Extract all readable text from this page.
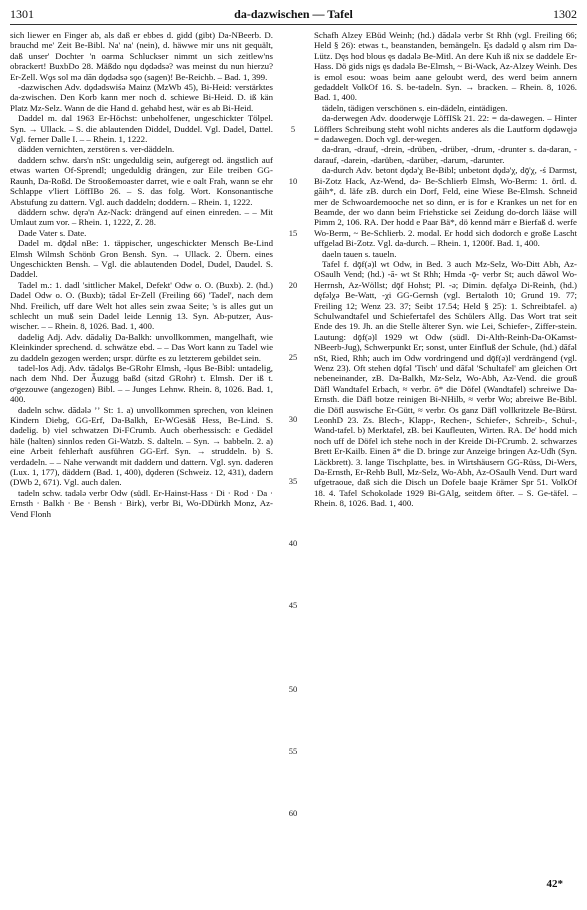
1301	da-dazwischen — Tafel	1302

sich liewer en Finger ab, als daß er ebbes d. gidd (gibt) Da-NBeerb. D. brauchd me' Zeit Be-Bibl. Na' na' (nein), d. häwwe mir uns nit gequält, daß unser' Dochter 'n oarma Schluckser nimmt un sich zeitlew'ns obrackert! BuxbDo 28. Mäßdo nǫu dǫdǝdsǝ? was meinst du nun hierzu? Er-Zell. Wǫs sol mǝ dān dǫdǝdsǝ sǫo (sagen)! Be-Reichb. – Bad. 1, 399.

-dazwischen Adv. dǫdǝdswiśǝ Mainz (MzWb 45), Bi-Heid: verstärktes da-zwischen. Den Korb kann mer noch d. schiewe Bi-Heid. D. iß kän Platz Mz-Selz. Wann de die Hand d. gehabd hest, wär es ab Bi-Heid.

Daddel m. dal 1963 Er-Höchst: unbeholfener, ungeschickter Tölpel. Syn. → Ullack. – S. die ablautenden Diddel, Duddel. Vgl. Dadel, Dattel. Vgl. ferner Dalle I. – – Rhein. 1, 1222.

dädden vernichten, zerstören s. ver-däddeln.

daddern schw. dars'n nSt: ungeduldig sein, aufgeregt od. ängstlich auf etwas warten Of-Sprendl; ungeduldig drängen, zur Eile treiben GG-Raunh, Da-Roßd. De Strooßemoaster darret, wie e oalt Frah, wann se ehr Schlappe v'liert LöffIBo 26. – S. das folg. Wort. Konsonantische Abstufung zu dattern. Vgl. auch daddeln; doddern. – Rhein. 1, 1222.

däddern schw. dęrǝ'n Az-Nack: drängend auf einen einreden. – – Mit Umlaut zum vor. – Rhein. 1, 1222, Z. 28.

Dade Vater s. Date.

Dadel m. dǭdǝl nBe: 1. täppischer, ungeschickter Mensch Be-Lind Elmsh Wilmsh Schönb Gron Bensh. Syn. → Ullack. 2. Übern. eines Ungeschickten Bensh. – Vgl. die ablautenden Dodel, Dudel, Daudel. S. Daddel.

Tadel m.: 1. dadl 'sittlicher Makel, Defekt' Odw o. O. (Buxb). 2. (hd.) Dadel Odw o. O. (Buxb); tādǝl Er-Zell (Freiling 66) 'Tadel', nach dem Nhd. Freilich, uff dare Welt hot alles sein zwaa Seite; 's is alles gut un schlecht un muß sein Dadel leide Lennig 13. Syn. Ab-putzer, Aus-wischer. – – Rhein. 8, 1026. Bad. 1, 400.

dadelig Adj. Adv. dādǝliχ Da-Balkh: unvollkommen, mangelhaft, wie Kleinkinder sprechend. d. schwätze ebd. – – Das Wort kann zu Tadel wie zu daddeln gezogen werden; urspr. dürfte es zu letzterem gebildet sein.

tadel-los Adj. Adv. tādǝlǫs Be-GRohr Elmsh, -lǫus Be-Bibl: untadelig, nach dem Nhd. Der Ǟuzugg baßd (sitzd GRohr) t. Elmsh. Der iß t. oᵉgezouwe (angezogen) Bibl. – – Junges Lehnw. Rhein. 8, 1026. Bad. 1, 400.

dadeln schw. dādǝlǝ ʼʼ St: 1. a) unvollkommen sprechen, von kleinen Kindern Diebg, GG-Erf, Da-Balkh, Er-WGesäß Hess, Be-Lind. S. dadelig. b) viel schwatzen Di-FCrumb. Auch oberhessisch: e Gedädel häle (halten) sinnlos reden Gi-Watzb. S. dalteln. – Syn. → babbeln. 2. a) eine Arbeit fehlerhaft ausführen GG-Erf. Syn. → struddeln. b) S. verdadeln. – – Nahe verwandt mit daddern und dattern. Vgl. syn. daderen (Lux. 1, 177), däddern (Bad. 1, 400), dǫderen (Schweiz. 12, 431), dadern (DWb 2, 671). Vgl. auch dalen.

tadeln schw. tadǝlǝ verbr Odw (südl. Er-Hainst-Hass · Di · Rod · Da · Ernsth · Balkh · Be · Bensh · Birk), verbr Bi, Wo-DDürkh Monz, Az-Vend Flonh

5
10
15
20
25
30
35
40
45
50
55
60

Schafh Alzey EBüd Weinh; (hd.) dādǝlǝ verbr St Rhh (vgl. Freiling 66; Held § 26): etwas t., beanstanden, bemängeln. Ęs dadǝld ǫ alsm rim Da-Lütz. Dęs hod blous ęs dadǝlǝ Be-Mitl. An dere Kuh iß nix se daddele Er-Hass. Dö gids nigs ęs dadǝlǝ Be-Elmsh, ~ Bi-Wack, Az-Alzey Weinh. Des is emol esou: woas beim aane geloubt werd, des werd beim annern gedaddelt VolkOf 16. S. be-tadeln. Syn. → bracken. – Rhein. 8, 1026. Bad. 1, 400.

tädeln, tädigen verschönen s. ein-dädeln, eintädigen.

da-derwegen Adv. dooderwęje LöffISk 21. 22: = da-dawegen. – Hinter Löfflers Schreibung steht wohl nichts anderes als die Lautform dǫdǝwęjǝ = dadawegen. Doch vgl. der-wegen.

da-dran, -drauf, -drein, -drüben, -drüber, -drum, -drunter s. da-daran, -darauf, -darein, -darüben, -darüber, -darum, -darunter.

da-durch Adv. betont dǫdǝ'χ Be-Bibl; unbetont dǫdǝ'χ, dǭ'χ, -ś Darmst, Bi-Zotz Hack, Az-Wend, dǝ- Be-Schlierb Elmsh, Wo-Berm: 1. örtl. d. gāih*, d. läfe zB. durch ein Dorf, Feld, eine Wiese Be-Elmsh. Schneid mer de Schwoardemooche net so dinn, er is for e Krankes un net for en Beamde, der wo dann beim Friehsticke sei Zeidung do-dorch lääse will Pimm 2, 106. RA. Der hodd e Paar Bä*, dö kennd märr e Bierfaß d. werfe Wo-Berm, ~ Be-Schlierb. 2. modal. Er hodd sich dodorch e große Lascht uffgelad Bi-Zotz. Vgl. da-durch. – Rhein. 1, 1200f. Bad. 1, 400.

daeln tauen s. taueln.

Tafel f. dǭf(ǝ)l wt Odw, in Bed. 3 auch Mz-Selz, Wo-Ditt Abh, Az-OSaulh Vend; (hd.) -ā- wt St Rhh; Hmda -ǭ- verbr St; auch dāwol Wo-Herrnsh, Az-Wöllst; dǭf Hohst; Pl. -ǝ; Dimin. dęfǝlχǝ Di-Reinh, (hd.) dęfǝlχǝ Be-Watt, -χi GG-Gernsh (vgl. Bertaloth 10; Grund 19. 77; Freiling 12; Wenz 23. 37; Seibt 17.54; Held § 25): 1. Schreibtafel. a) Schulwandtafel und Schiefertafel des Schülers Allg. Das Wort trat seit Ende des 19. Jh. an die Stelle älterer Syn. wie Lei, Schiefer-, Ziffer-stein. Lautung: dǭf(ǝ)l 1929 wt Odw (südl. Di-Alth-Reinh-Da-OKamst-NBeerb-Jug), Schwerpunkt Er; sonst, unter Einfluß der Schule, (hd.) dāfǝl nSt, Ried, Rhh; auch im Odw vordringend und dǭf(ǝ)l verdrängend (vgl. Wenz 23). Oft stehen dǭfǝl 'Tisch' und dāfǝl 'Schultafel' am gleichen Ort nebeneinander, zB. Da-Balkh, Mz-Selz, Wo-Abh, Az-Vend. die grouß Däfl Wandtafel Erbach, ≈ verbr. ō* die Döfel (Wandtafel) schreiwe Da-Ernsth. die Däfl botze reinigen Bi-NHilb, ≈ verbr Wo; abreiwe Be-Bibl. die Döfl auswische Er-Gütt, ≈ verbr. Os ganz Däfl vollkritzele Be-Bürst. LeonhD 23. Zs. Blech-, Klapp-, Rechen-, Schiefer-, Schreib-, Schul-, Wand-tafel. b) Merktafel, zB. bei Kaufleuten, Wirten. RA. De' hodd mich noch uff de Döfel ich stehe noch in der Kreide Di-FCrumb. 2. schwarzes Brett Er-Kailb. Einen ā* die D. bringe zur Anzeige bringen Az-Udh (Syn. Läckbrett). 3. lange Tischplatte, bes. in Wirtshäusern GG-Rüss, Di-Wers, Da-Ernsth, Er-Rehb Bull, Mz-Selz, Wo-Abh, Az-OSaulh Vend. Durt ward ufgetraoue, daß sich die Disch un Dofele baaje Krämer Spr 51. VolkOf 18. 4. Tafel Schokolade 1929 Bi-GAlg, seitdem öfter. – S. Ge-täfel. – Rhein. 8, 1026. Bad. 1, 400.

42*
